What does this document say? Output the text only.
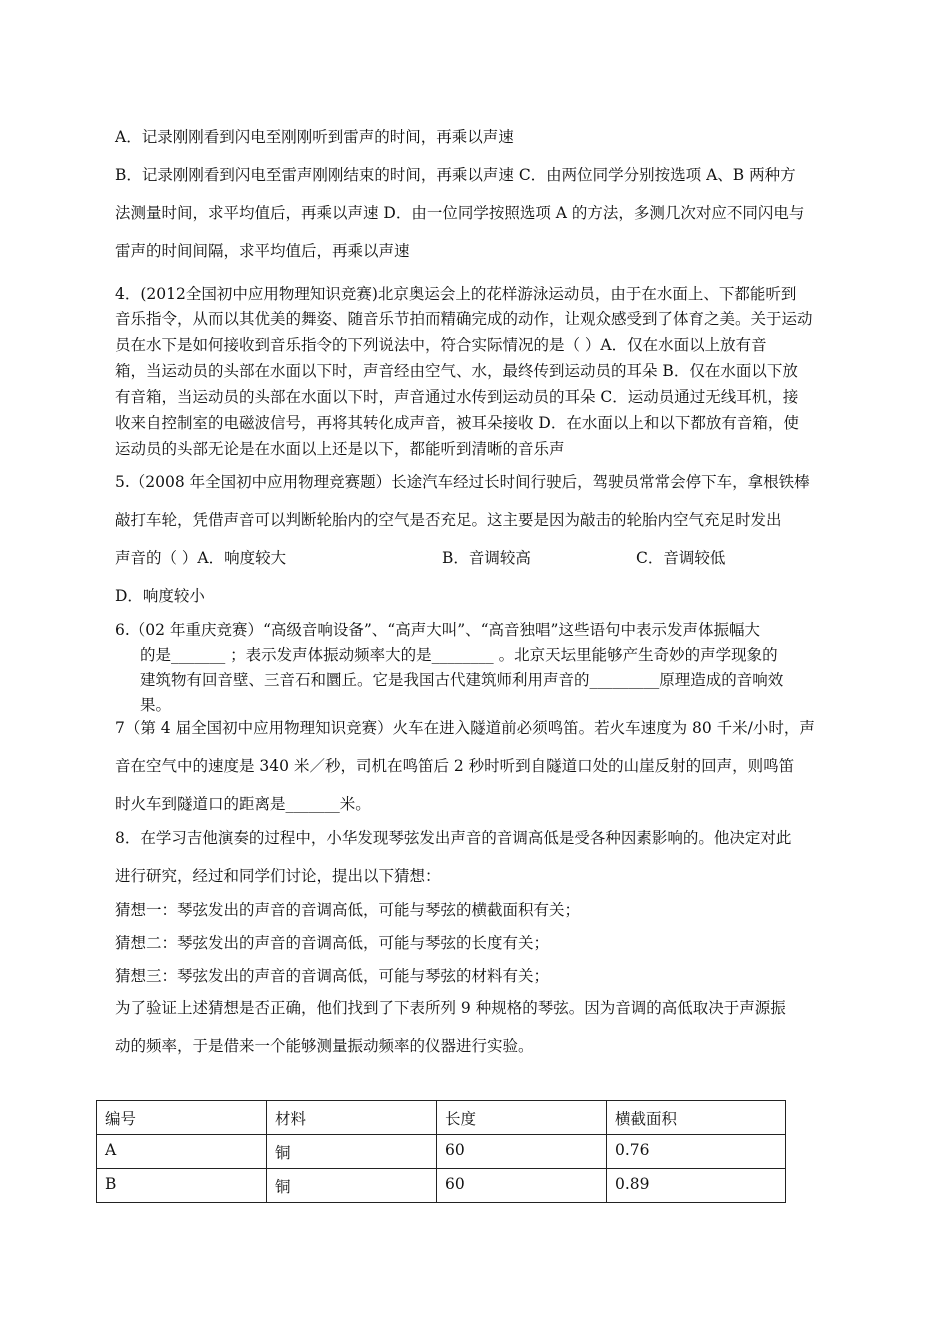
A．记录刚刚看到闪电至刚刚听到雷声的时间，再乘以声速
B．记录刚刚看到闪电至雷声刚刚结束的时间，再乘以声速 C．由两位同学分别按选项 A、B 两种方
法测量时间，求平均值后，再乘以声速 D．由一位同学按照选项 A 的方法，多测几次对应不同闪电与
雷声的时间间隔，求平均值后，再乘以声速
4．(2012全国初中应用物理知识竞赛)北京奥运会上的花样游泳运动员，由于在水面上、下都能听到
音乐指令，从而以其优美的舞姿、随音乐节拍而精确完成的动作，让观众感受到了体育之美。关于运动
员在水下是如何接收到音乐指令的下列说法中，符合实际情况的是（ ）A．仅在水面以上放有音
箱，当运动员的头部在水面以下时，声音经由空气、水，最终传到运动员的耳朵 B．仅在水面以下放
有音箱，当运动员的头部在水面以下时，声音通过水传到运动员的耳朵 C．运动员通过无线耳机，接
收来自控制室的电磁波信号，再将其转化成声音，被耳朵接收 D．在水面以上和以下都放有音箱，使
运动员的头部无论是在水面以上还是以下，都能听到清晰的音乐声
5.（2008 年全国初中应用物理竞赛题）长途汽车经过长时间行驶后，驾驶员常常会停下车，拿根铁棒
敲打车轮，凭借声音可以判断轮胎内的空气是否充足。这主要是因为敲击的轮胎内空气充足时发出
声音的（ ）A．响度较大	B．音调较高	C．音调较低
D．响度较小
6.（02 年重庆竞赛）“高级音响设备”、“高声大叫”、“高音独唱”这些语句中表示发声体振幅大
的是_______ ；表示发声体振动频率大的是________ 。北京天坛里能够产生奇妙的声学现象的
建筑物有回音壁、三音石和圜丘。它是我国古代建筑师利用声音的_________原理造成的音响效
果。
7（第 4 届全国初中应用物理知识竞赛）火车在进入隧道前必须鸣笛。若火车速度为 80 千米/小时，声
音在空气中的速度是 340 米／秒，司机在鸣笛后 2 秒时听到自隧道口处的山崖反射的回声，则鸣笛
时火车到隧道口的距离是_______米。
8．在学习吉他演奏的过程中，小华发现琴弦发出声音的音调高低是受各种因素影响的。他决定对此
进行研究，经过和同学们讨论，提出以下猜想：
猜想一：琴弦发出的声音的音调高低，可能与琴弦的横截面积有关；
猜想二：琴弦发出的声音的音调高低，可能与琴弦的长度有关；
猜想三：琴弦发出的声音的音调高低，可能与琴弦的材料有关；
为了验证上述猜想是否正确，他们找到了下表所列 9 种规格的琴弦。因为音调的高低取决于声源振
动的频率，于是借来一个能够测量振动频率的仪器进行实验。
编号	材料	长度	横截面积
A	铜	60	0.76
B	铜	60	0.89
